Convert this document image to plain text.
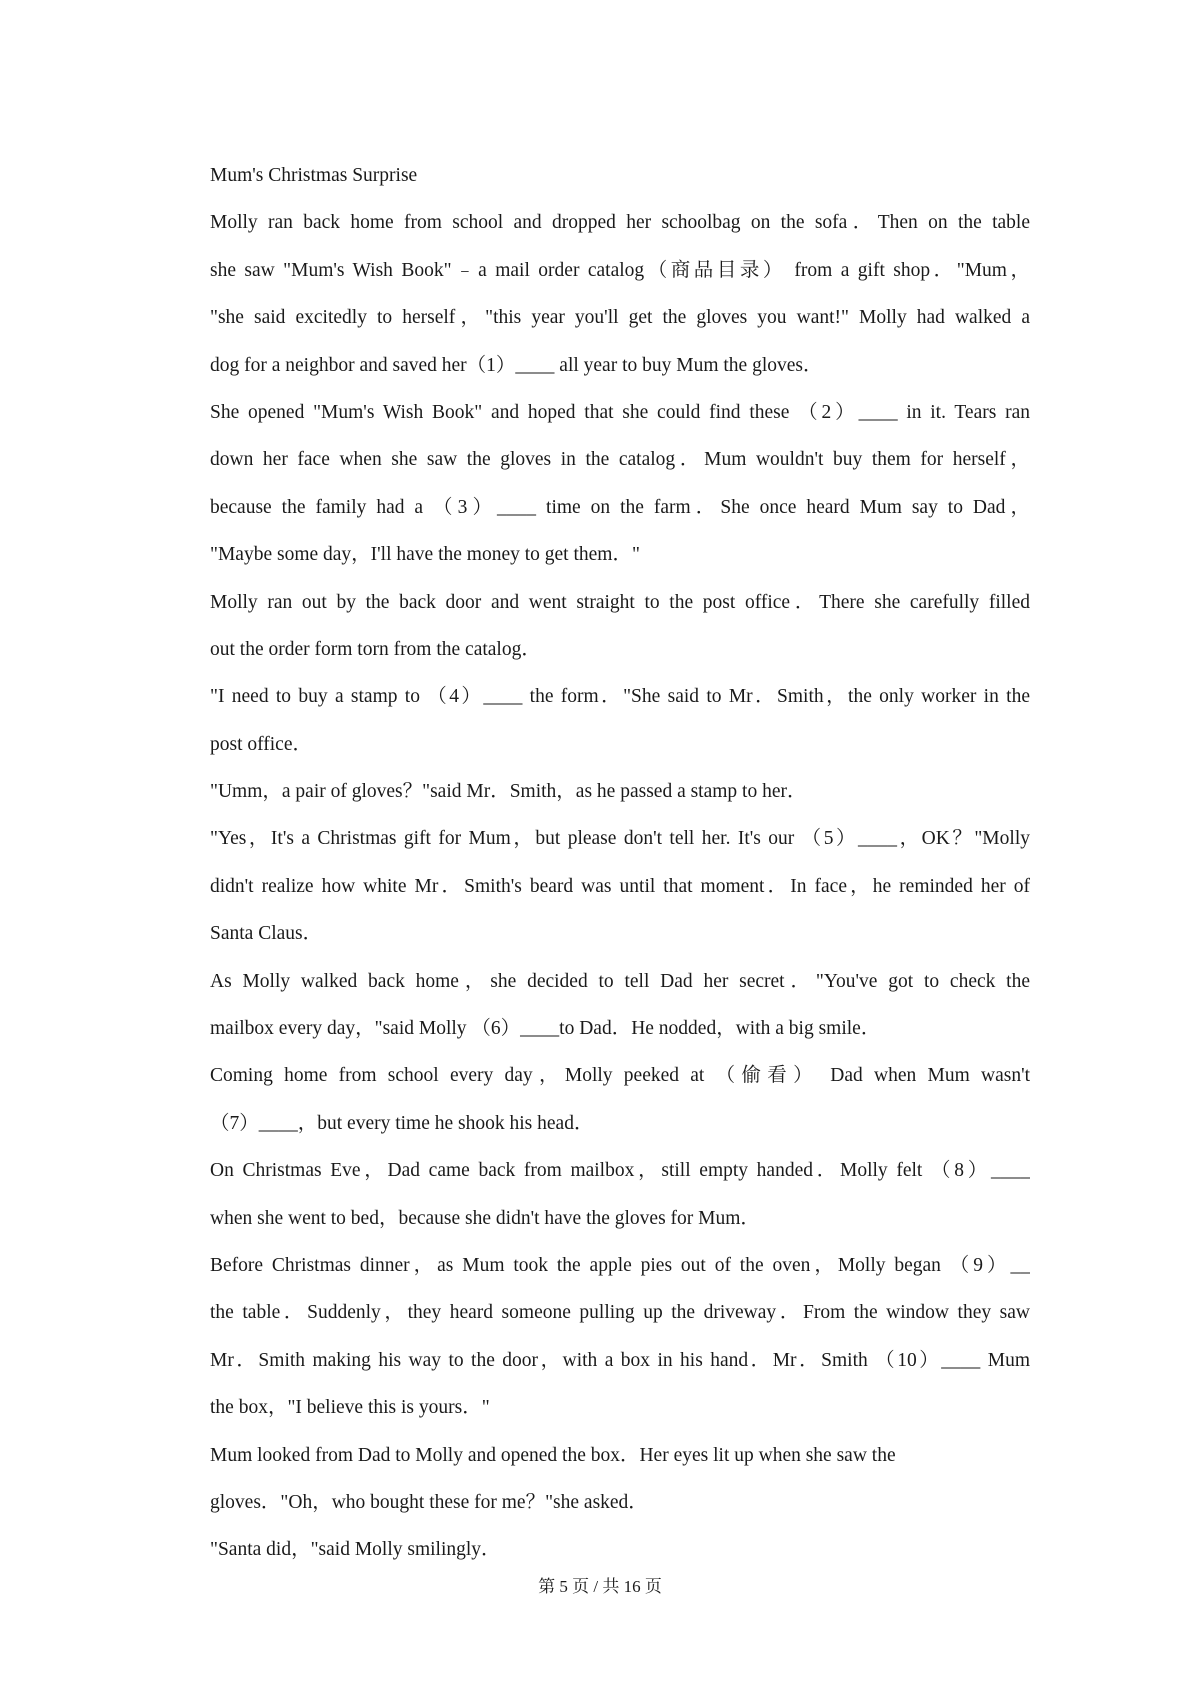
Mum's Christmas Surprise
Molly ran back home from school and dropped her schoolbag on the sofa．Then on the table
she saw "Mum's Wish Book"﹣a mail order catalog（商品目录） from a gift shop．"Mum，
"she said excitedly to herself，"this year you'll get the gloves you want!" Molly had walked a
dog for a neighbor and saved her（1）____ all year to buy Mum the gloves．
She opened "Mum's Wish Book" and hoped that she could find these （2）____ in it. Tears ran
down her face when she saw the gloves in the catalog．Mum wouldn't buy them for herself，
because the family had a （3）____ time on the farm．She once heard Mum say to Dad，
"Maybe some day，I'll have the money to get them．"
Molly ran out by the back door and went straight to the post office．There she carefully filled
out the order form torn from the catalog．
"I need to buy a stamp to （4）____ the form．"She said to Mr．Smith，the only worker in the
post office．
"Umm，a pair of gloves？"said Mr．Smith，as he passed a stamp to her．
"Yes，It's a Christmas gift for Mum，but please don't tell her. It's our （5）____，OK？"Molly
didn't realize how white Mr．Smith's beard was until that moment．In face，he reminded her of
Santa Claus．
As Molly walked back home，she decided to tell Dad her secret．"You've got to check the
mailbox every day，"said Molly （6）____to Dad．He nodded，with a big smile．
Coming home from school every day，Molly peeked at （偷看） Dad when Mum wasn't
（7）____，but every time he shook his head．
On Christmas Eve，Dad came back from mailbox，still empty handed．Molly felt （8）____
when she went to bed，because she didn't have the gloves for Mum．
Before Christmas dinner，as Mum took the apple pies out of the oven，Molly began （9）__
the table．Suddenly，they heard someone pulling up the driveway．From the window they saw
Mr．Smith making his way to the door，with a box in his hand．Mr．Smith （10）____ Mum
the box，"I believe this is yours．"
Mum looked from Dad to Molly and opened the box．Her eyes lit up when she saw the
gloves．"Oh，who bought these for me？"she asked．
"Santa did，"said Molly smilingly．
第 5 页 / 共 16 页
